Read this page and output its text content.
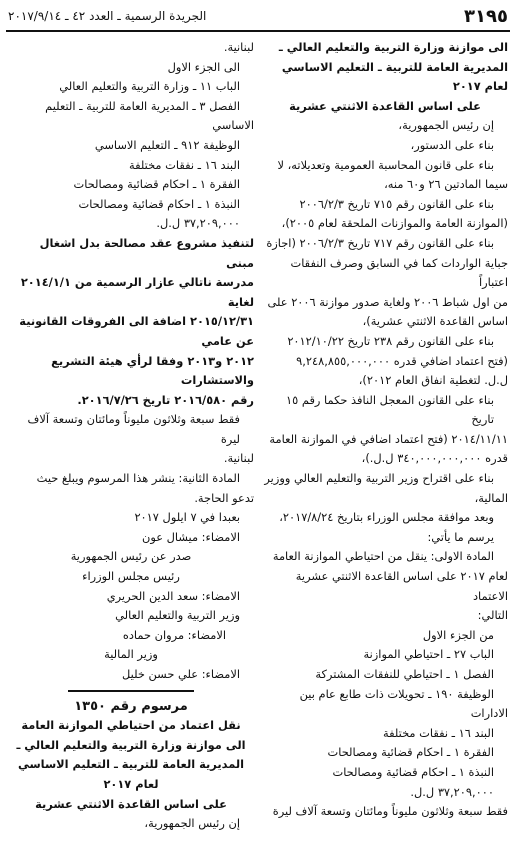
٣١٩٥
الجريدة الرسمية ـ العدد ٤٢ ـ ٢٠١٧/٩/١٤

الى موازنة وزارة التربية والتعليم العالي ـ

المديرية العامة للتربية ـ التعليم الاساسي

لعام ٢٠١٧

على اساس القاعدة الاثنتي عشرية

إن رئيس الجمهورية،

بناء على الدستور،

بناء على قانون المحاسبة العمومية وتعديلاته، لا

سيما المادتين ٢٦ و٦٠ منه،

بناء على القانون رقم ٧١٥ تاريخ ٢٠٠٦/٢/٣

(الموازنة العامة والموازنات الملحقة لعام ٢٠٠٥)،

بناء على القانون رقم ٧١٧ تاريخ ٢٠٠٦/٢/٣ (اجازة

جباية الواردات كما في السابق وصرف النفقات اعتباراً

من اول شباط ٢٠٠٦ ولغاية صدور موازنة ٢٠٠٦ على

اساس القاعدة الاثنتي عشرية)،

بناء على القانون رقم ٢٣٨ تاريخ ٢٠١٢/١٠/٢٢

(فتح اعتماد اضافي قدره ٩,٢٤٨,٨٥٥,٠٠٠,٠٠٠

ل.ل. لتغطية انفاق العام ٢٠١٢)،

بناء على القانون المعجل النافذ حكما رقم ١٥ تاريخ

٢٠١٤/١١/١١ (فتح اعتماد اضافي في الموازنة العامة

قدره ٣٤٠,٠٠٠,٠٠٠,٠٠٠ ل.ل.)،

بناء على اقتراح وزير التربية والتعليم العالي ووزير

المالية،

وبعد موافقة مجلس الوزراء بتاريخ ٢٠١٧/٨/٢٤،

يرسم ما يأتي:

المادة الاولى: ينقل من احتياطي الموازنة العامة

لعام ٢٠١٧ على اساس القاعدة الاثنتي عشرية الاعتماد

التالي:

من الجزء الاول

الباب ٢٧ ـ احتياطي الموازنة

الفصل ١ ـ احتياطي للنفقات المشتركة

الوظيفة ١٩٠ ـ تحويلات ذات طابع عام بين

الادارات

البند ١٦ ـ نفقات مختلفة

الفقرة ١ ـ احكام قضائية ومصالحات

النبذة ١ ـ احكام قضائية ومصالحات

٣٧,٢٠٩,٠٠٠ ل.ل.

فقط سبعة وثلاثون مليوناً ومائتان وتسعة آلاف ليرة

لبنانية.

الى الجزء الاول

الباب ١١ ـ وزارة التربية والتعليم العالي

الفصل ٣ ـ المديرية العامة للتربية ـ التعليم

الاساسي

الوظيفة ٩١٢ ـ التعليم الاساسي

البند ١٦ ـ نفقات مختلفة

الفقرة ١ ـ احكام قضائية ومصالحات

النبذة ١ ـ احكام قضائية ومصالحات

٣٧,٢٠٩,٠٠٠ ل.ل.

لتنفيذ مشروع عقد مصالحة بدل اشغال مبنى

مدرسة ناتالي عازار الرسمية من ٢٠١٤/١/١ لغاية

٢٠١٥/١٢/٣١ اضافة الى الفروقات القانونية عن عامي

٢٠١٢ و٢٠١٣ وفقا لرأي هيئة التشريع والاستشارات

رقم ٢٠١٦/٥٨٠ تاريخ ٢٠١٦/٧/٢٦.

فقط سبعة وثلاثون مليوناً ومائتان وتسعة آلاف ليرة

لبنانية.

المادة الثانية: ينشر هذا المرسوم ويبلغ حيث

تدعو الحاجة.

بعبدا في ٧ ايلول ٢٠١٧

الامضاء: ميشال عون

صدر عن رئيس الجمهورية

رئيس مجلس الوزراء

الامضاء: سعد الدين الحريري

وزير التربية والتعليم العالي

الامضاء: مروان حماده

وزير المالية

الامضاء: علي حسن خليل

مرسوم رقم ١٣٥٠

نقل اعتماد من احتياطي الموازنة العامة

الى موازنة وزارة التربية والتعليم العالي ـ

المديرية العامة للتربية ـ التعليم الاساسي

لعام ٢٠١٧

على اساس القاعدة الاثنتي عشرية

إن رئيس الجمهورية،
